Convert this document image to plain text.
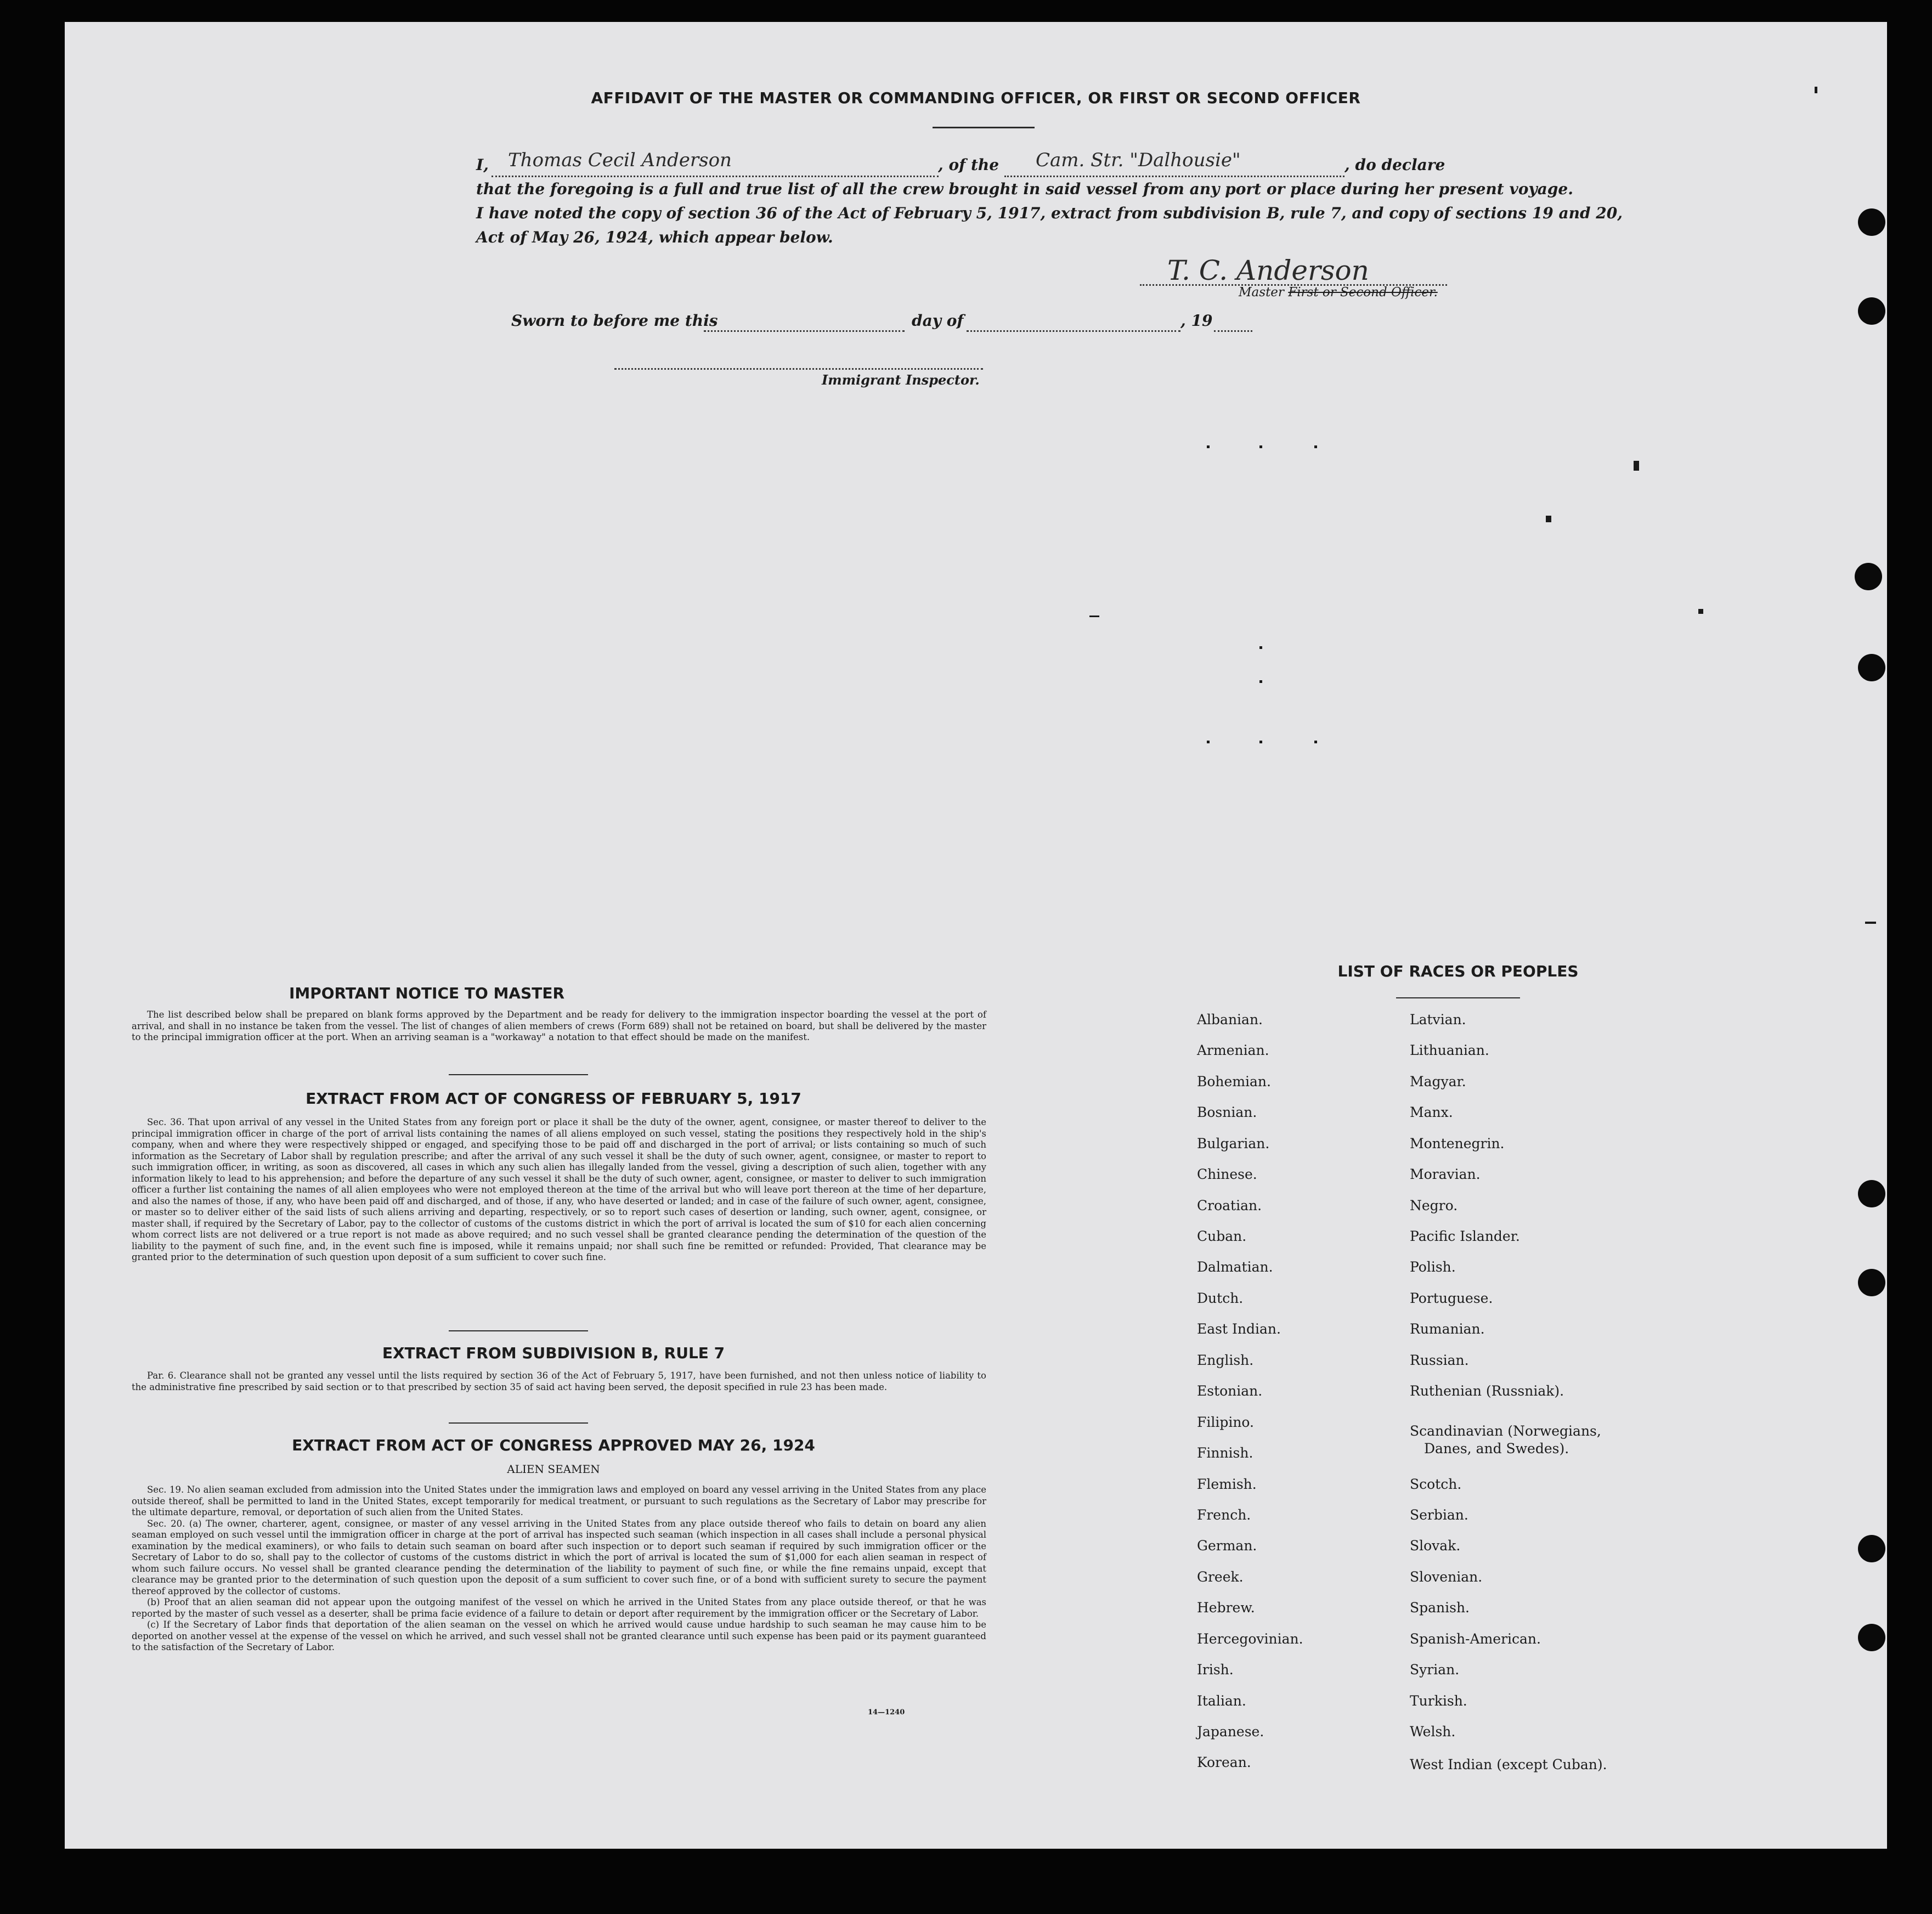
AFFIDAVIT OF THE MASTER OR COMMANDING OFFICER, OR FIRST OR SECOND OFFICER
I, Thomas Cecil Anderson	, of the Cam. Str. "Dalhousie"	, do declare
that the foregoing is a full and true list of all the crew brought in said vessel from any port or place during her present voyage.
I have noted the copy of section 36 of the Act of February 5, 1917, extract from subdivision B, rule 7, and copy of sections 19 and 20,
Act of May 26, 1924, which appear below.
T. C. Anderson
Master First or Second Officer.
Sworn to before me this	day of	, 19
Immigrant Inspector.
IMPORTANT NOTICE TO MASTER

The list described below shall be prepared on blank forms approved by the Department and be ready for delivery to the immigration inspector boarding the vessel at the port of arrival, and shall in no instance be taken from the vessel. The list of changes of alien members of crews (Form 689) shall not be retained on board, but shall be delivered by the master to the principal immigration officer at the port. When an arriving seaman is a "workaway" a notation to that effect should be made on the manifest.

EXTRACT FROM ACT OF CONGRESS OF FEBRUARY 5, 1917

Sec. 36. That upon arrival of any vessel in the United States from any foreign port or place it shall be the duty of the owner, agent, consignee, or master thereof to deliver to the principal immigration officer in charge of the port of arrival lists containing the names of all aliens employed on such vessel, stating the positions they respectively hold in the ship's company, when and where they were respectively shipped or engaged, and specifying those to be paid off and discharged in the port of arrival; or lists containing so much of such information as the Secretary of Labor shall by regulation prescribe; and after the arrival of any such vessel it shall be the duty of such owner, agent, consignee, or master to report to such immigration officer, in writing, as soon as discovered, all cases in which any such alien has illegally landed from the vessel, giving a description of such alien, together with any information likely to lead to his apprehension; and before the departure of any such vessel it shall be the duty of such owner, agent, consignee, or master to deliver to such immigration officer a further list containing the names of all alien employees who were not employed thereon at the time of the arrival but who will leave port thereon at the time of her departure, and also the names of those, if any, who have been paid off and discharged, and of those, if any, who have deserted or landed; and in case of the failure of such owner, agent, consignee, or master so to deliver either of the said lists of such aliens arriving and departing, respectively, or so to report such cases of desertion or landing, such owner, agent, consignee, or master shall, if required by the Secretary of Labor, pay to the collector of customs of the customs district in which the port of arrival is located the sum of $10 for each alien concerning whom correct lists are not delivered or a true report is not made as above required; and no such vessel shall be granted clearance pending the determination of the question of the liability to the payment of such fine, and, in the event such fine is imposed, while it remains unpaid; nor shall such fine be remitted or refunded: Provided, That clearance may be granted prior to the determination of such question upon deposit of a sum sufficient to cover such fine.

EXTRACT FROM SUBDIVISION B, RULE 7

Par. 6. Clearance shall not be granted any vessel until the lists required by section 36 of the Act of February 5, 1917, have been furnished, and not then unless notice of liability to the administrative fine prescribed by said section or to that prescribed by section 35 of said act having been served, the deposit specified in rule 23 has been made.

EXTRACT FROM ACT OF CONGRESS APPROVED MAY 26, 1924
ALIEN SEAMEN

Sec. 19. No alien seaman excluded from admission into the United States under the immigration laws and employed on board any vessel arriving in the United States from any place outside thereof, shall be permitted to land in the United States, except temporarily for medical treatment, or pursuant to such regulations as the Secretary of Labor may prescribe for the ultimate departure, removal, or deportation of such alien from the United States.

Sec. 20. (a) The owner, charterer, agent, consignee, or master of any vessel arriving in the United States from any place outside thereof who fails to detain on board any alien seaman employed on such vessel until the immigration officer in charge at the port of arrival has inspected such seaman (which inspection in all cases shall include a personal physical examination by the medical examiners), or who fails to detain such seaman on board after such inspection or to deport such seaman if required by such immigration officer or the Secretary of Labor to do so, shall pay to the collector of customs of the customs district in which the port of arrival is located the sum of $1,000 for each alien seaman in respect of whom such failure occurs. No vessel shall be granted clearance pending the determination of the liability to payment of such fine, or while the fine remains unpaid, except that clearance may be granted prior to the determination of such question upon the deposit of a sum sufficient to cover such fine, or of a bond with sufficient surety to secure the payment thereof approved by the collector of customs.

(b) Proof that an alien seaman did not appear upon the outgoing manifest of the vessel on which he arrived in the United States from any place outside thereof, or that he was reported by the master of such vessel as a deserter, shall be prima facie evidence of a failure to detain or deport after requirement by the immigration officer or the Secretary of Labor.

(c) If the Secretary of Labor finds that deportation of the alien seaman on the vessel on which he arrived would cause undue hardship to such seaman he may cause him to be deported on another vessel at the expense of the vessel on which he arrived, and such vessel shall not be granted clearance until such expense has been paid or its payment guaranteed to the satisfaction of the Secretary of Labor.

14—1240
LIST OF RACES OR PEOPLES
Albanian.
Armenian.
Bohemian.
Bosnian.
Bulgarian.
Chinese.
Croatian.
Cuban.
Dalmatian.
Dutch.
East Indian.
English.
Estonian.
Filipino.
Finnish.
Flemish.
French.
German.
Greek.
Hebrew.
Hercegovinian.
Irish.
Italian.
Japanese.
Korean.
Latvian.
Lithuanian.
Magyar.
Manx.
Montenegrin.
Moravian.
Negro.
Pacific Islander.
Polish.
Portuguese.
Rumanian.
Russian.
Ruthenian (Russniak).
Scandinavian (Norwegians,
Danes, and Swedes).
Scotch.
Serbian.
Slovak.
Slovenian.
Spanish.
Spanish-American.
Syrian.
Turkish.
Welsh.
West Indian (except Cuban).
